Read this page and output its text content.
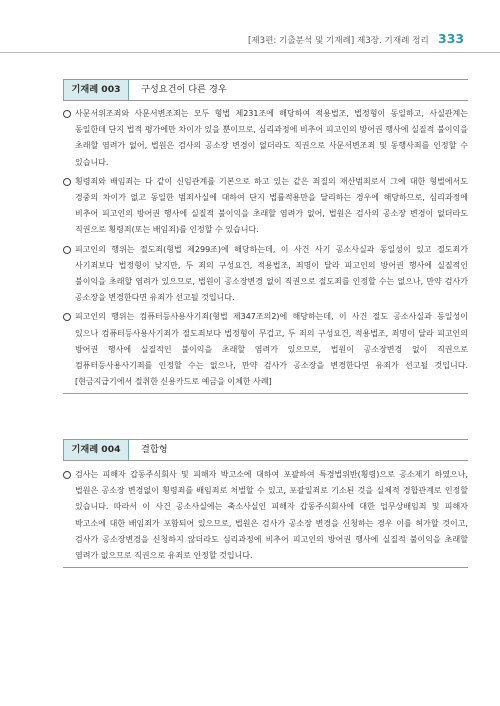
[제3편: 기출분석 및 기재례] 제3장. 기재례 정리 333
기재례 003	구성요건이 다른 경우
사문서위조죄와 사문서변조죄는 모두 형법 제231조에 해당하여 적용법조, 법정형이 동일하고, 사실관계는 동일한데 단지 법적 평가에만 차이가 있을 뿐이므로, 심리과정에 비추어 피고인의 방어권 행사에 실질적 불이익을 초래할 염려가 없어, 법원은 검사의 공소장 변경이 없더라도 직권으로 사문서변조죄 및 동행사죄를 인정할 수 있습니다.
횡령죄와 배임죄는 다 같이 신임관계를 기본으로 하고 있는 같은 죄질의 재산범죄로서 그에 대한 형벌에서도 경중의 차이가 없고 동일한 범죄사실에 대하여 단지 법률적용만을 달리하는 경우에 해당하므로, 심리과정에 비추어 피고인의 방어권 행사에 실질적 불이익을 초래할 염려가 없어, 법원은 검사의 공소장 변경이 없더라도 직권으로 횡령죄(또는 배임죄)를 인정할 수 있습니다.
피고인의 행위는 절도죄(형법 제299조)에 해당하는데, 이 사건 사기 공소사실과 동일성이 있고 절도죄가 사기죄보다 법정형이 낮지만, 두 죄의 구성요건, 적용법조, 죄명이 달라 피고인의 방어권 행사에 실질적인 불이익을 초래할 염려가 있으므로, 법원이 공소장변경 없이 직권으로 절도죄를 인정할 수는 없으나, 만약 검사가 공소장을 변경한다면 유죄가 선고될 것입니다.
피고인의 행위는 컴퓨터등사용사기죄(형법 제347조의2)에 해당하는데, 이 사건 절도 공소사실과 동일성이 있으나 컴퓨터등사용사기죄가 절도죄보다 법정형이 무겁고, 두 죄의 구성요건, 적용법조, 죄명이 달라 피고인의 방어권 행사에 실질적인 불이익을 초래할 염려가 있으므로, 법원이 공소장변경 없이 직권으로 컴퓨터등사용사기죄를 인정할 수는 없으나, 만약 검사가 공소장을 변경한다면 유죄가 선고될 것입니다. [현금지급기에서 절취한 신용카드로 예금을 이체한 사례]
기재례 004	결합형
검사는 피해자 갑동주식회사 및 피해자 박고소에 대하여 포괄하여 특경법위반(횡령)으로 공소제기 하였으나, 법원은 공소장 변경없이 횡령죄를 배임죄로 처벌할 수 있고, 포괄일죄로 기소된 것을 실체적 경합관계로 인정할 있습니다. 따라서 이 사건 공소사실에는 축소사실인 피해자 갑동주식회사에 대한 업무상배임죄 및 피해자 박고소에 대한 배임죄가 포함되어 있으므로, 법원은 검사가 공소장 변경을 신청하는 경우 이를 허가할 것이고, 검사가 공소장변경을 신청하지 않더라도 심리과정에 비추어 피고인의 방어권 행사에 실질적 불이익을 초래할 염려가 없으므로 직권으로 유죄로 인정할 것입니다.
